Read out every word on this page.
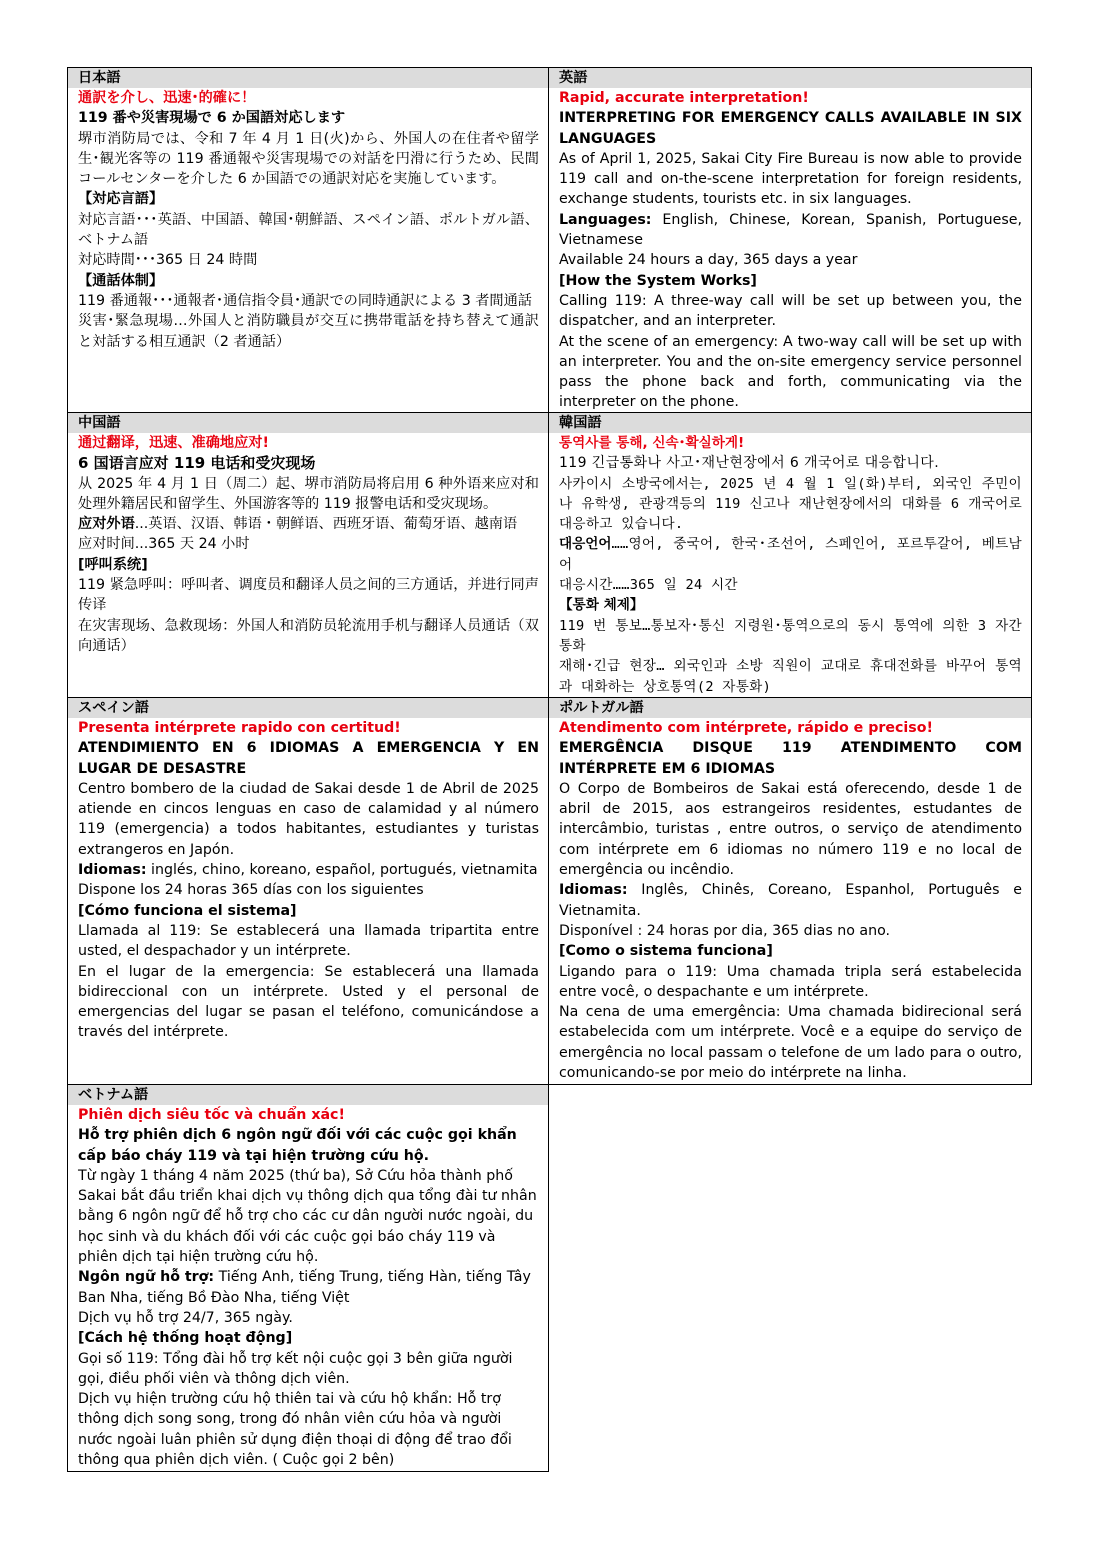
日本語
通訳を介し、迅速･的確に！
119 番や災害現場で 6 か国語対応します
堺市消防局では、令和 7 年 4 月 1 日(火)から、外国人の在住者や留学生･観光客等の 119 番通報や災害現場での対話を円滑に行うため、民間コールセンターを介した 6 か国語での通訳対応を実施しています。
【対応言語】
対応言語･･･英語、中国語、韓国･朝鮮語、スペイン語、ポルトガル語、ベトナム語
対応時間･･･365 日 24 時間
【通話体制】
119 番通報･･･通報者･通信指令員･通訳での同時通訳による 3 者間通話
災害･緊急現場…外国人と消防職員が交互に携帯電話を持ち替えて通訳と対話する相互通訳（2 者通話）
英語
Rapid, accurate interpretation!
INTERPRETING FOR EMERGENCY CALLS AVAILABLE IN SIX LANGUAGES
As of April 1, 2025, Sakai City Fire Bureau is now able to provide 119 call and on-the-scene interpretation for foreign residents, exchange students, tourists etc. in six languages.
Languages: English, Chinese, Korean, Spanish, Portuguese, Vietnamese
Available 24 hours a day, 365 days a year
[How the System Works]
Calling 119: A three-way call will be set up between you, the dispatcher, and an interpreter.
At the scene of an emergency: A two-way call will be set up with an interpreter. You and the on-site emergency service personnel pass the phone back and forth, communicating via the interpreter on the phone.
中国語
通过翻译，迅速、准确地应对!
6 国语言应对 119 电话和受灾现场
从 2025 年 4 月 1 日（周二）起、堺市消防局将启用 6 种外语来应对和处理外籍居民和留学生、外国游客等的 119 报警电话和受灾现场。
应对外语...英语、汉语、韩语・朝鲜语、西班牙语、葡萄牙语、越南语
应对时间...365 天 24 小时
[呼叫系统]
119 紧急呼叫：呼叫者、调度员和翻译人员之间的三方通话，并进行同声传译
在灾害现场、急救现场：外国人和消防员轮流用手机与翻译人员通话（双向通话）
韓国語
통역사를 통해, 신속･확실하게!
119 긴급통화나 사고･재난현장에서 6 개국어로 대응합니다.
사카이시 소방국에서는, 2025 년 4 월 1 일(화)부터, 외국인 주민이나 유학생, 관광객등의 119 신고나 재난현장에서의 대화를 6 개국어로 대응하고 있습니다.
대응언어……영어, 중국어, 한국･조선어, 스페인어, 포르투갈어, 베트남어
대응시간……365 일 24 시간
【통화 체제】
119 번 통보…통보자･통신 지령원･통역으로의 동시 통역에 의한 3 자간 통화
재해･긴급 현장… 외국인과 소방 직원이 교대로 휴대전화를 바꾸어 통역과 대화하는 상호통역(2 자통화)
スペイン語
Presenta intérprete rapido con certitud!
ATENDIMIENTO EN 6 IDIOMAS A EMERGENCIA Y EN LUGAR DE DESASTRE
Centro bombero de la ciudad de Sakai desde 1 de Abril de 2025 atiende en cincos lenguas en caso de calamidad y al número 119 (emergencia) a todos habitantes, estudiantes y turistas extrangeros en Japón.
Idiomas: inglés, chino, koreano, español, portugués, vietnamita
Dispone los 24 horas 365 días con los siguientes
[Cómo funciona el sistema]
Llamada al 119: Se establecerá una llamada tripartita entre usted, el despachador y un intérprete.
En el lugar de la emergencia: Se establecerá una llamada bidireccional con un intérprete. Usted y el personal de emergencias del lugar se pasan el teléfono, comunicándose a través del intérprete.
ポルトガル語
Atendimento com intérprete, rápido e preciso!
EMERGÊNCIA DISQUE 119 ATENDIMENTO COM INTÉRPRETE EM 6 IDIOMAS
O Corpo de Bombeiros de Sakai está oferecendo, desde 1 de abril de 2015, aos estrangeiros residentes, estudantes de intercâmbio, turistas , entre outros, o serviço de atendimento com intérprete em 6 idiomas no número 119 e no local de emergência ou incêndio.
Idiomas: Inglês, Chinês, Coreano, Espanhol, Português e Vietnamita.
Disponível : 24 horas por dia, 365 dias no ano.
[Como o sistema funciona]
Ligando para o 119: Uma chamada tripla será estabelecida entre você, o despachante e um intérprete.
Na cena de uma emergência: Uma chamada bidirecional será estabelecida com um intérprete. Você e a equipe do serviço de emergência no local passam o telefone de um lado para o outro, comunicando-se por meio do intérprete na linha.
ベトナム語
Phiên dịch siêu tốc và chuẩn xác!
Hỗ trợ phiên dịch 6 ngôn ngữ đối với các cuộc gọi khẩn cấp báo cháy 119 và tại hiện trường cứu hộ.
Từ ngày 1 tháng 4 năm 2025 (thứ ba), Sở Cứu hỏa thành phố Sakai bắt đầu triển khai dịch vụ thông dịch qua tổng đài tư nhân bằng 6 ngôn ngữ để hỗ trợ cho các cư dân người nước ngoài, du học sinh và du khách đối với các cuộc gọi báo cháy 119 và phiên dịch tại hiện trường cứu hộ.
Ngôn ngữ hỗ trợ: Tiếng Anh, tiếng Trung, tiếng Hàn, tiếng Tây Ban Nha, tiếng Bồ Đào Nha, tiếng Việt
Dịch vụ hỗ trợ 24/7, 365 ngày.
[Cách hệ thống hoạt động]
Gọi số 119: Tổng đài hỗ trợ kết nội cuộc gọi 3 bên giữa người gọi, điều phối viên và thông dịch viên.
Dịch vụ hiện trường cứu hộ thiên tai và cứu hộ khẩn: Hỗ trợ thông dịch song song, trong đó nhân viên cứu hỏa và người nước ngoài luân phiên sử dụng điện thoại di động để trao đổi thông qua phiên dịch viên. ( Cuộc gọi 2 bên)
